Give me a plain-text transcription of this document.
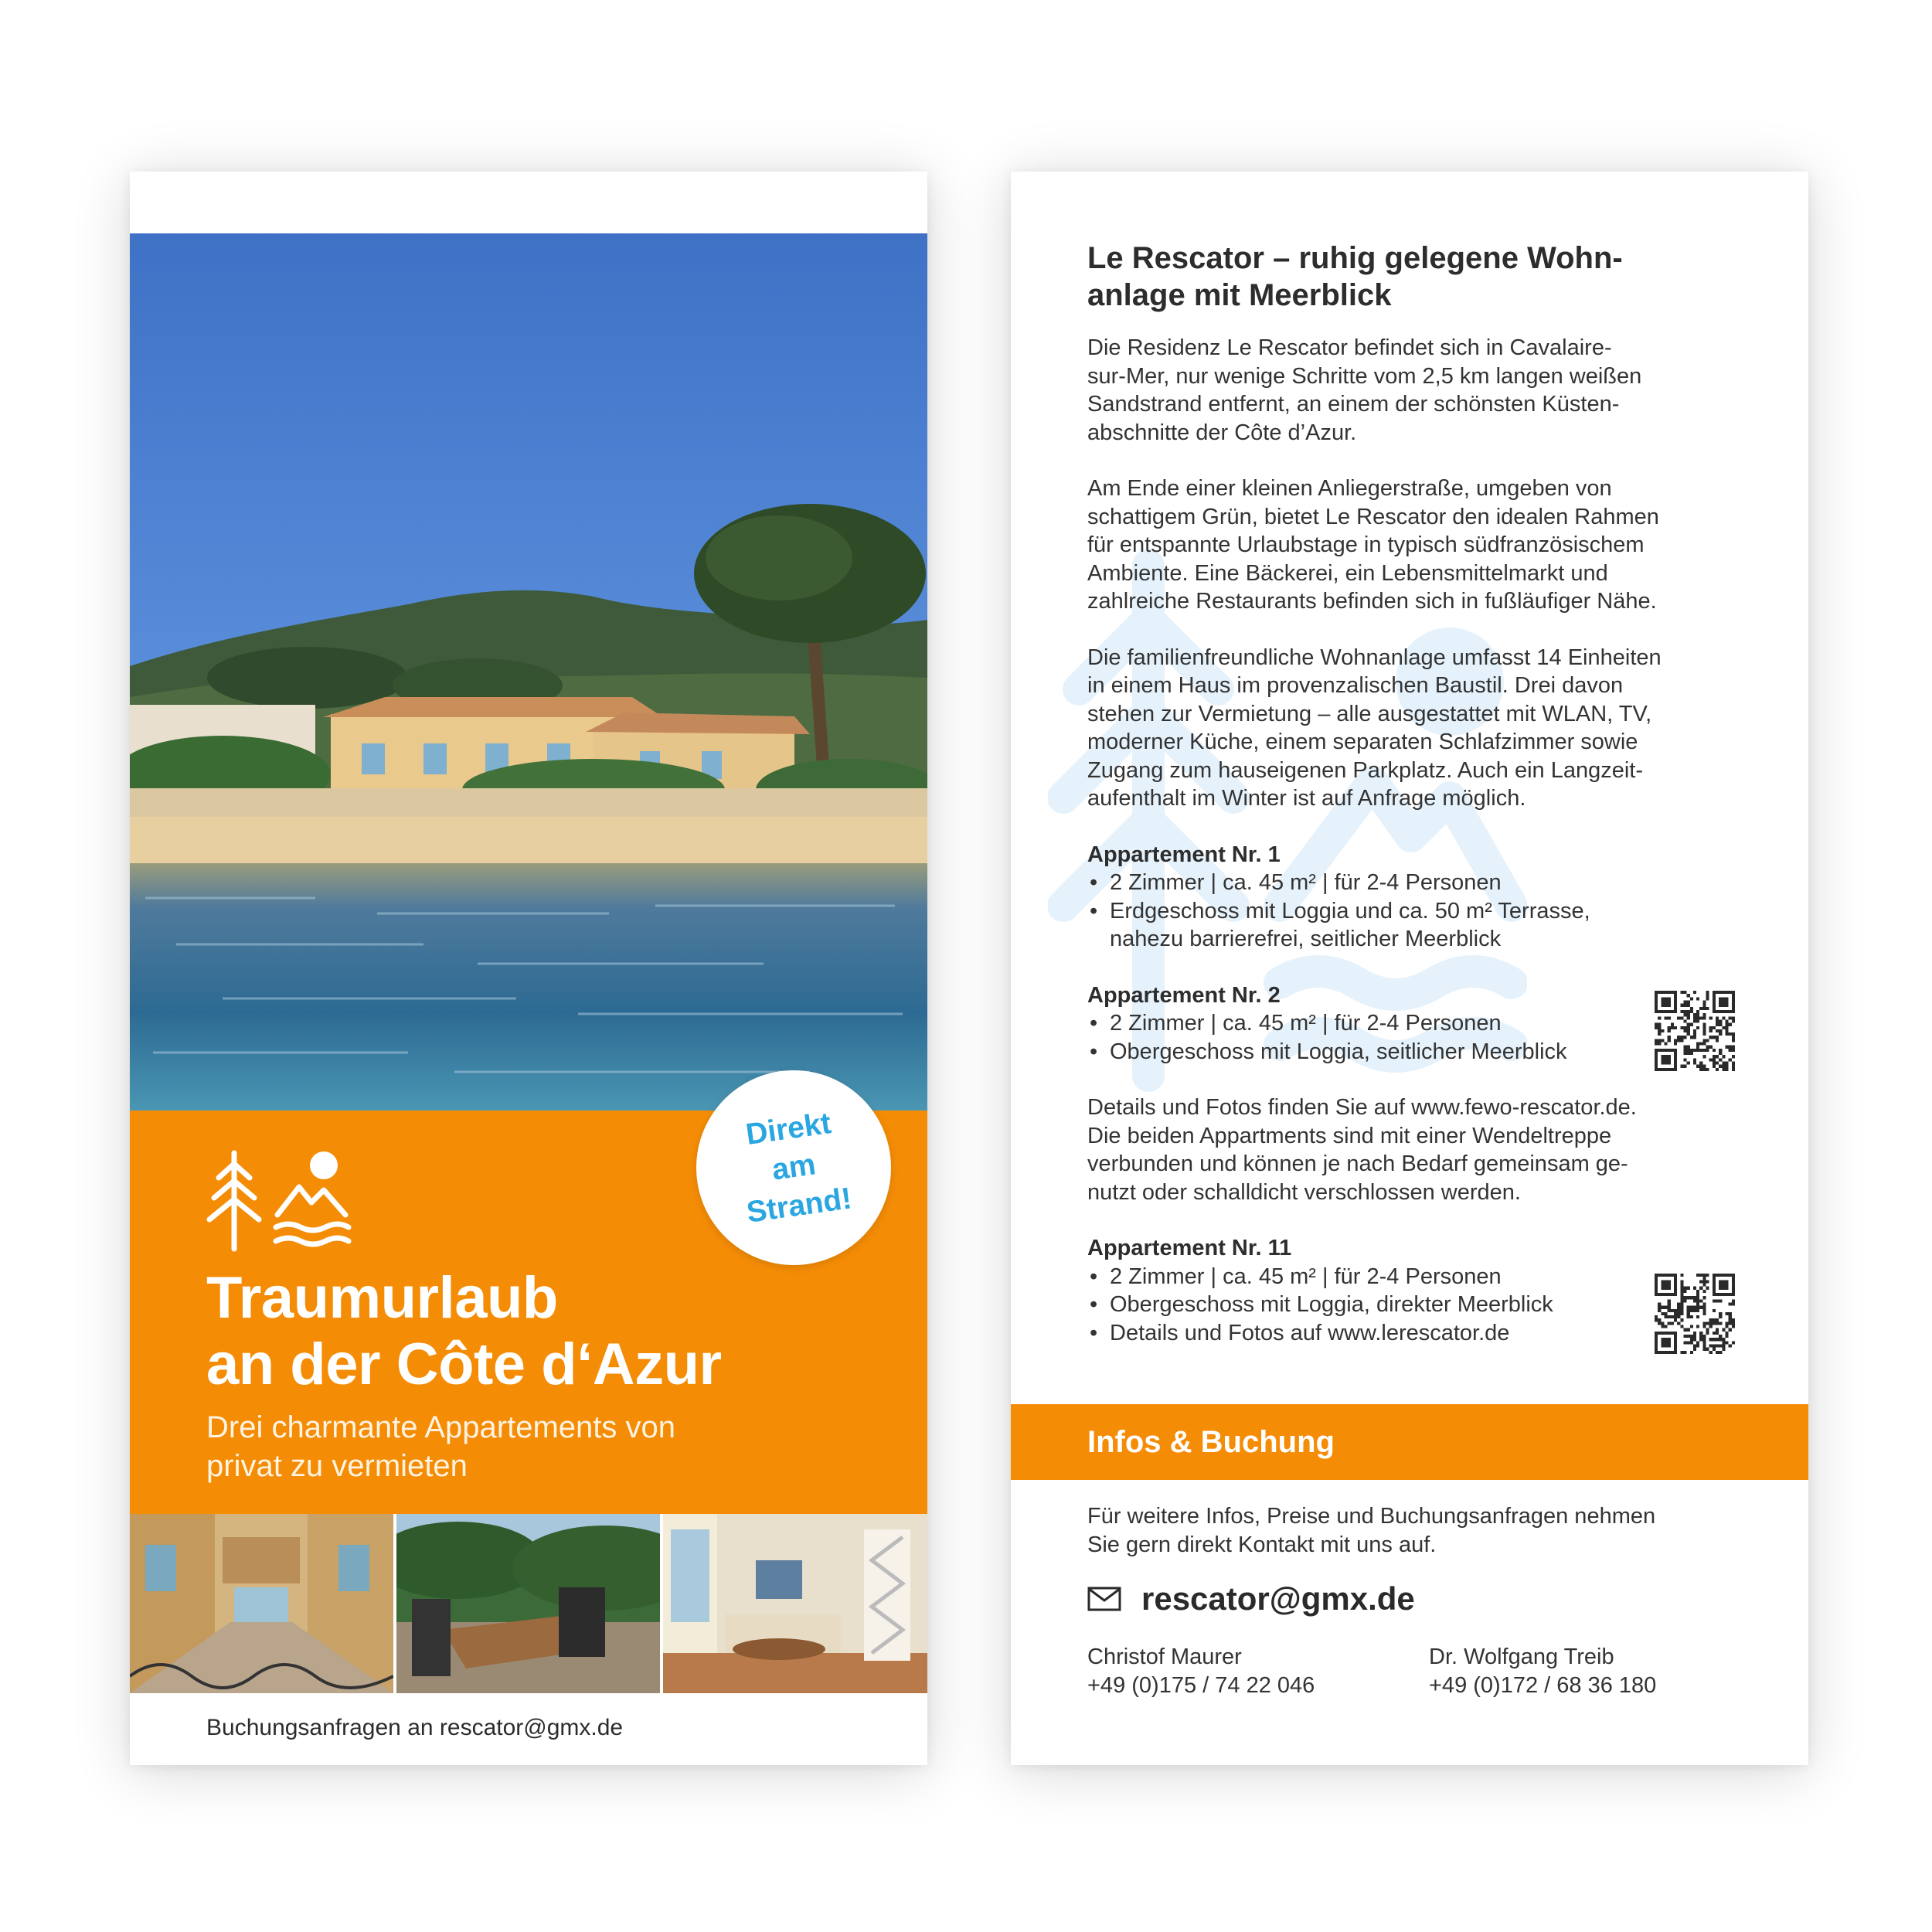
Traumurlaub
an der Côte d‘Azur
Drei charmante Appartements von
privat zu vermieten
Direkt
am
Strand!
Buchungsanfragen an rescator@gmx.de
Le Rescator – ruhig gelegene Wohn-
anlage mit Meerblick
Die Residenz Le Rescator befindet sich in Cavalaire-
sur-Mer, nur wenige Schritte vom 2,5 km langen weißen
Sandstrand entfernt, an einem der schönsten Küsten-
abschnitte der Côte d’Azur.
Am Ende einer kleinen Anliegerstraße, umgeben von
schattigem Grün, bietet Le Rescator den idealen Rahmen
für entspannte Urlaubstage in typisch südfranzösischem
Ambiente. Eine Bäckerei, ein Lebensmittelmarkt und
zahlreiche Restaurants befinden sich in fußläufiger Nähe.
Die familienfreundliche Wohnanlage umfasst 14 Einheiten
in einem Haus im provenzalischen Baustil. Drei davon
stehen zur Vermietung – alle ausgestattet mit WLAN, TV,
moderner Küche, einem separaten Schlafzimmer sowie
Zugang zum hauseigenen Parkplatz. Auch ein Langzeit-
aufenthalt im Winter ist auf Anfrage möglich.
Appartement Nr. 1
• 2 Zimmer | ca. 45 m² | für 2-4 Personen
• Erdgeschoss mit Loggia und ca. 50 m² Terrasse,
nahezu barrierefrei, seitlicher Meerblick
Appartement Nr. 2
• 2 Zimmer | ca. 45 m² | für 2-4 Personen
• Obergeschoss mit Loggia, seitlicher Meerblick
Details und Fotos finden Sie auf www.fewo-rescator.de.
Die beiden Appartments sind mit einer Wendeltreppe
verbunden und können je nach Bedarf gemeinsam ge-
nutzt oder schalldicht verschlossen werden.
Appartement Nr. 11
• 2 Zimmer | ca. 45 m² | für 2-4 Personen
• Obergeschoss mit Loggia, direkter Meerblick
• Details und Fotos auf www.lerescator.de
Infos & Buchung
Für weitere Infos, Preise und Buchungsanfragen nehmen
Sie gern direkt Kontakt mit uns auf.
rescator@gmx.de
Christof Maurer
+49 (0)175 / 74 22 046
Dr. Wolfgang Treib
+49 (0)172 / 68 36 180
